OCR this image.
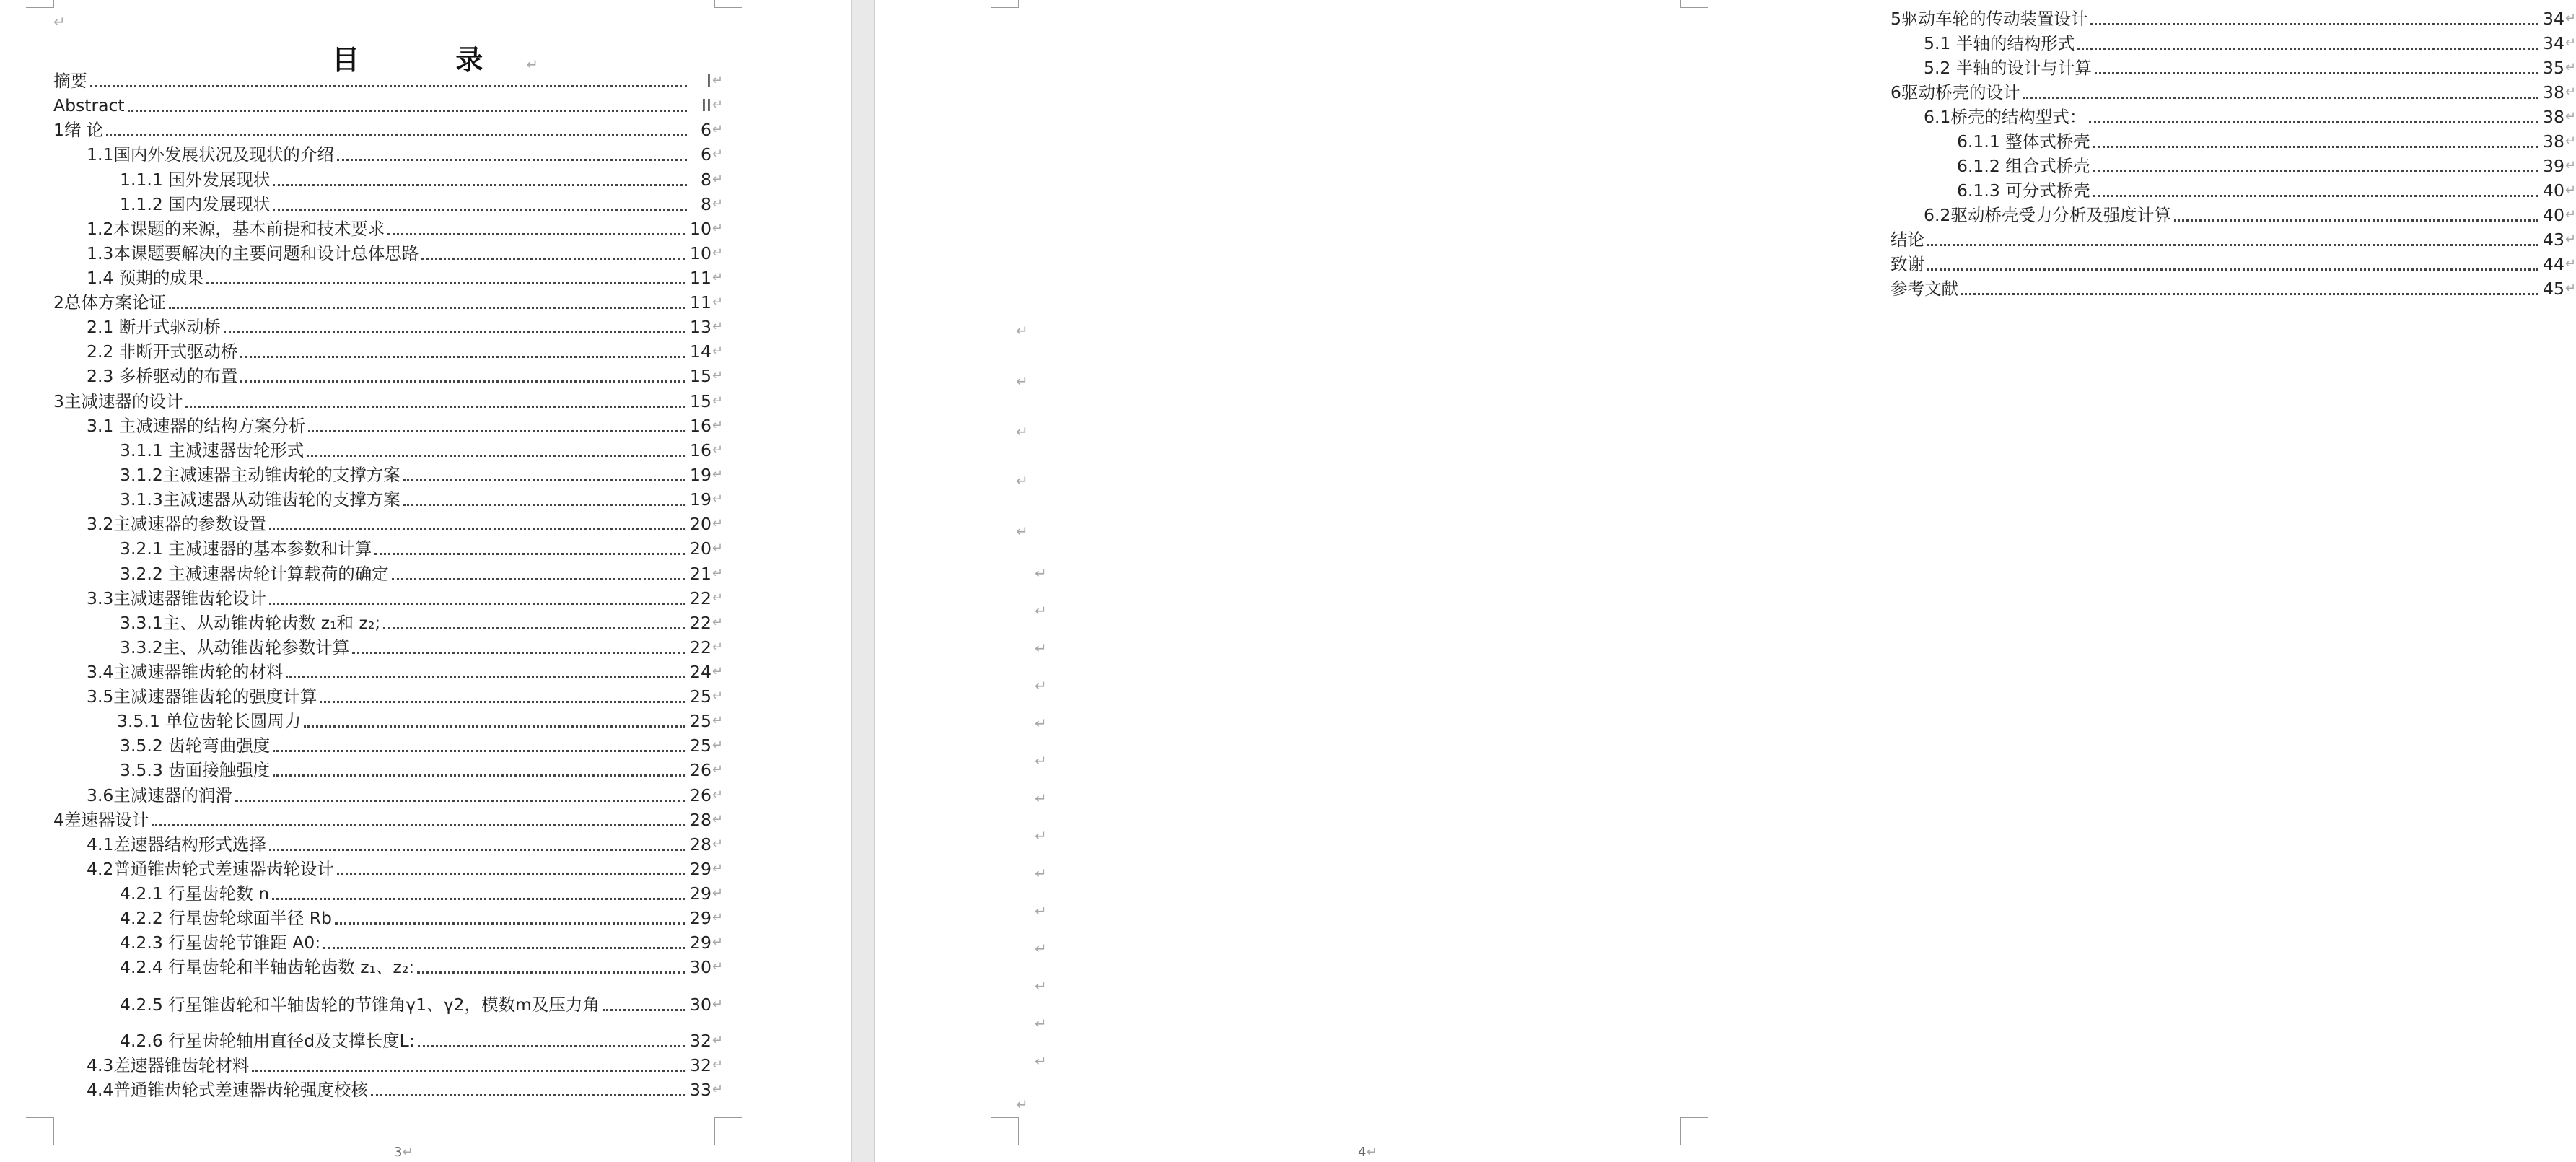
↵
目 录↵
摘要	I ↵
Abstract	II ↵
1绪 论	6 ↵
1.1国内外发展状况及现状的介绍	6 ↵
1.1.1 国外发展现状	8 ↵
1.1.2 国内发展现状	8 ↵
1.2本课题的来源，基本前提和技术要求	10 ↵
1.3本课题要解决的主要问题和设计总体思路	10 ↵
1.4 预期的成果	11 ↵
2总体方案论证	11 ↵
2.1 断开式驱动桥	13 ↵
2.2 非断开式驱动桥	14 ↵
2.3 多桥驱动的布置	15 ↵
3主减速器的设计	15 ↵
3.1 主减速器的结构方案分析	16 ↵
3.1.1 主减速器齿轮形式	16 ↵
3.1.2主减速器主动锥齿轮的支撑方案	19 ↵
3.1.3主减速器从动锥齿轮的支撑方案	19 ↵
3.2主减速器的参数设置	20 ↵
3.2.1 主减速器的基本参数和计算	20 ↵
3.2.2 主减速器齿轮计算载荷的确定	21 ↵
3.3主减速器锥齿轮设计	22 ↵
3.3.1主、从动锥齿轮齿数 z₁和 z₂;	22 ↵
3.3.2主、从动锥齿轮参数计算	22 ↵
3.4主减速器锥齿轮的材料	24 ↵
3.5主减速器锥齿轮的强度计算	25 ↵
3.5.1 单位齿轮长圆周力	25 ↵
3.5.2 齿轮弯曲强度	25 ↵
3.5.3 齿面接触强度	26 ↵
3.6主减速器的润滑	26 ↵
4差速器设计	28 ↵
4.1差速器结构形式选择	28 ↵
4.2普通锥齿轮式差速器齿轮设计	29 ↵
4.2.1 行星齿轮数 n	29 ↵
4.2.2 行星齿轮球面半径 Rb	29 ↵
4.2.3 行星齿轮节锥距 A0:	29 ↵
4.2.4 行星齿轮和半轴齿轮齿数 z₁、z₂:	30 ↵
4.2.5 行星锥齿轮和半轴齿轮的节锥角γ1、γ2，模数m及压力角	30 ↵
4.2.6 行星齿轮轴用直径d及支撑长度L:	32 ↵
4.3差速器锥齿轮材料	32 ↵
4.4普通锥齿轮式差速器齿轮强度校核	33 ↵
3↵
5驱动车轮的传动装置设计	34 ↵
5.1 半轴的结构形式	34 ↵
5.2 半轴的设计与计算	35 ↵
6驱动桥壳的设计	38 ↵
6.1桥壳的结构型式：	38 ↵
6.1.1 整体式桥壳	38 ↵
6.1.2 组合式桥壳	39 ↵
6.1.3 可分式桥壳	40 ↵
6.2驱动桥壳受力分析及强度计算	40 ↵
结论	43 ↵
致谢	44 ↵
参考文献	45 ↵
↵
↵
↵
↵
↵
↵
↵
↵
↵
↵
↵
↵
↵
↵
↵
↵
↵
↵
↵
↵
4↵
